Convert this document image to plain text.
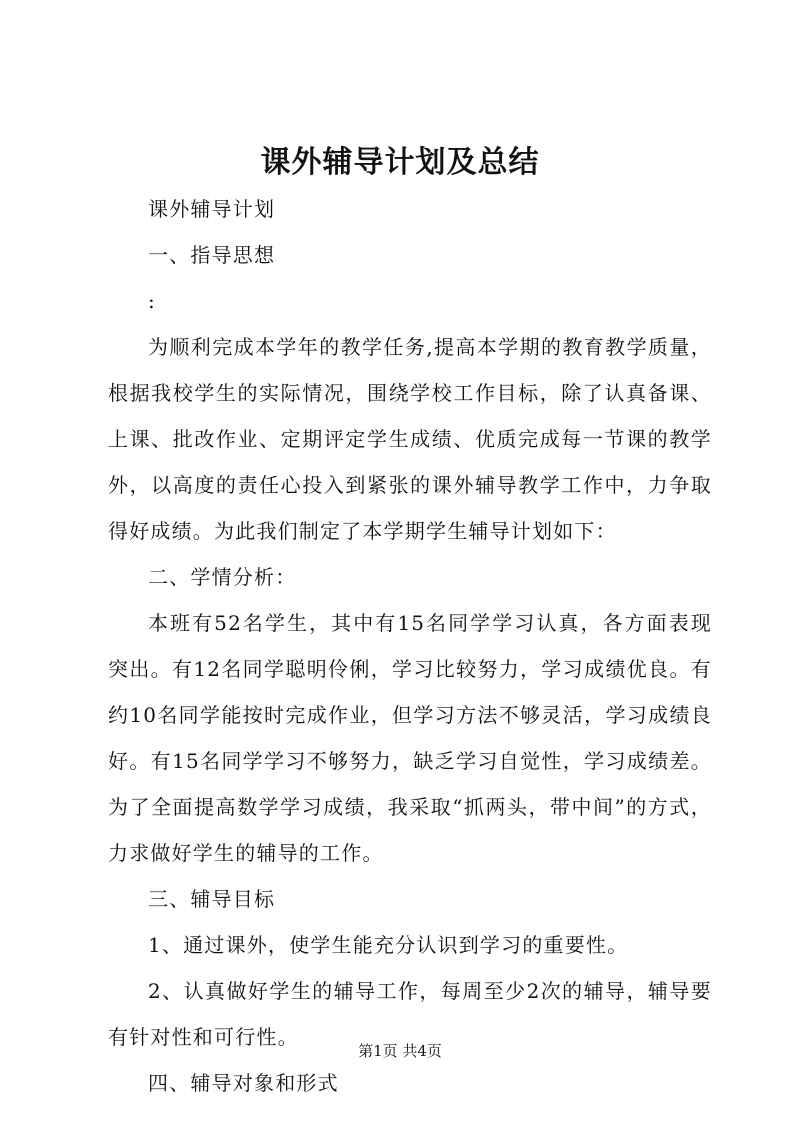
课外辅导计划及总结

课外辅导计划

一、指导思想

:

为顺利完成本学年的教学任务,提高本学期的教育教学质量，根据我校学生的实际情况，围绕学校工作目标，除了认真备课、上课、批改作业、定期评定学生成绩、优质完成每一节课的教学外，以高度的责任心投入到紧张的课外辅导教学工作中，力争取得好成绩。为此我们制定了本学期学生辅导计划如下：

二、学情分析：

本班有52名学生，其中有15名同学学习认真，各方面表现突出。有12名同学聪明伶俐，学习比较努力，学习成绩优良。有约10名同学能按时完成作业，但学习方法不够灵活，学习成绩良好。有15名同学学习不够努力，缺乏学习自觉性，学习成绩差。为了全面提高数学学习成绩，我采取“抓两头，带中间”的方式，力求做好学生的辅导的工作。

三、辅导目标

1、通过课外，使学生能充分认识到学习的重要性。

2、认真做好学生的辅导工作，每周至少2次的辅导，辅导要有针对性和可行性。

四、辅导对象和形式

第1页 共4页
